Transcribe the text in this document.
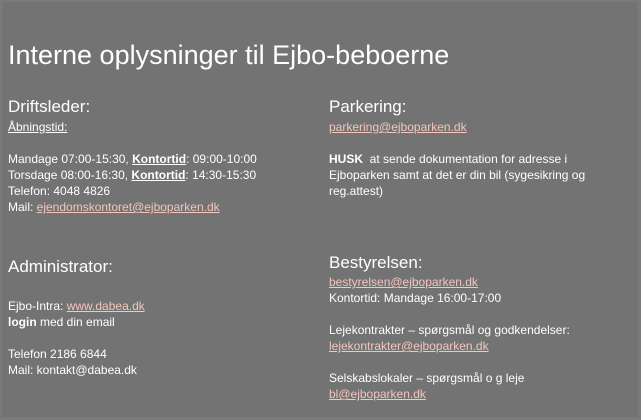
Interne oplysninger til Ejbo-beboerne
Driftsleder:
Åbningstid:
Mandage 07:00-15:30, Kontortid: 09:00-10:00
Torsdage 08:00-16:30, Kontortid: 14:30-15:30
Telefon: 4048 4826
Mail: ejendomskontoret@ejboparken.dk
Parkering:
parkering@ejboparken.dk
HUSK  at sende dokumentation for adresse i Ejboparken samt at det er din bil (sygesikring og reg.attest)
Administrator:
Ejbo-Intra: www.dabea.dk
login med din email
Telefon 2186 6844
Mail: kontakt@dabea.dk
Bestyrelsen:
bestyrelsen@ejboparken.dk
Kontortid: Mandage 16:00-17:00
Lejekontrakter – spørgsmål og godkendelser:
lejekontrakter@ejboparken.dk
Selskabslokaler – spørgsmål o g leje
bl@ejboparken.dk
